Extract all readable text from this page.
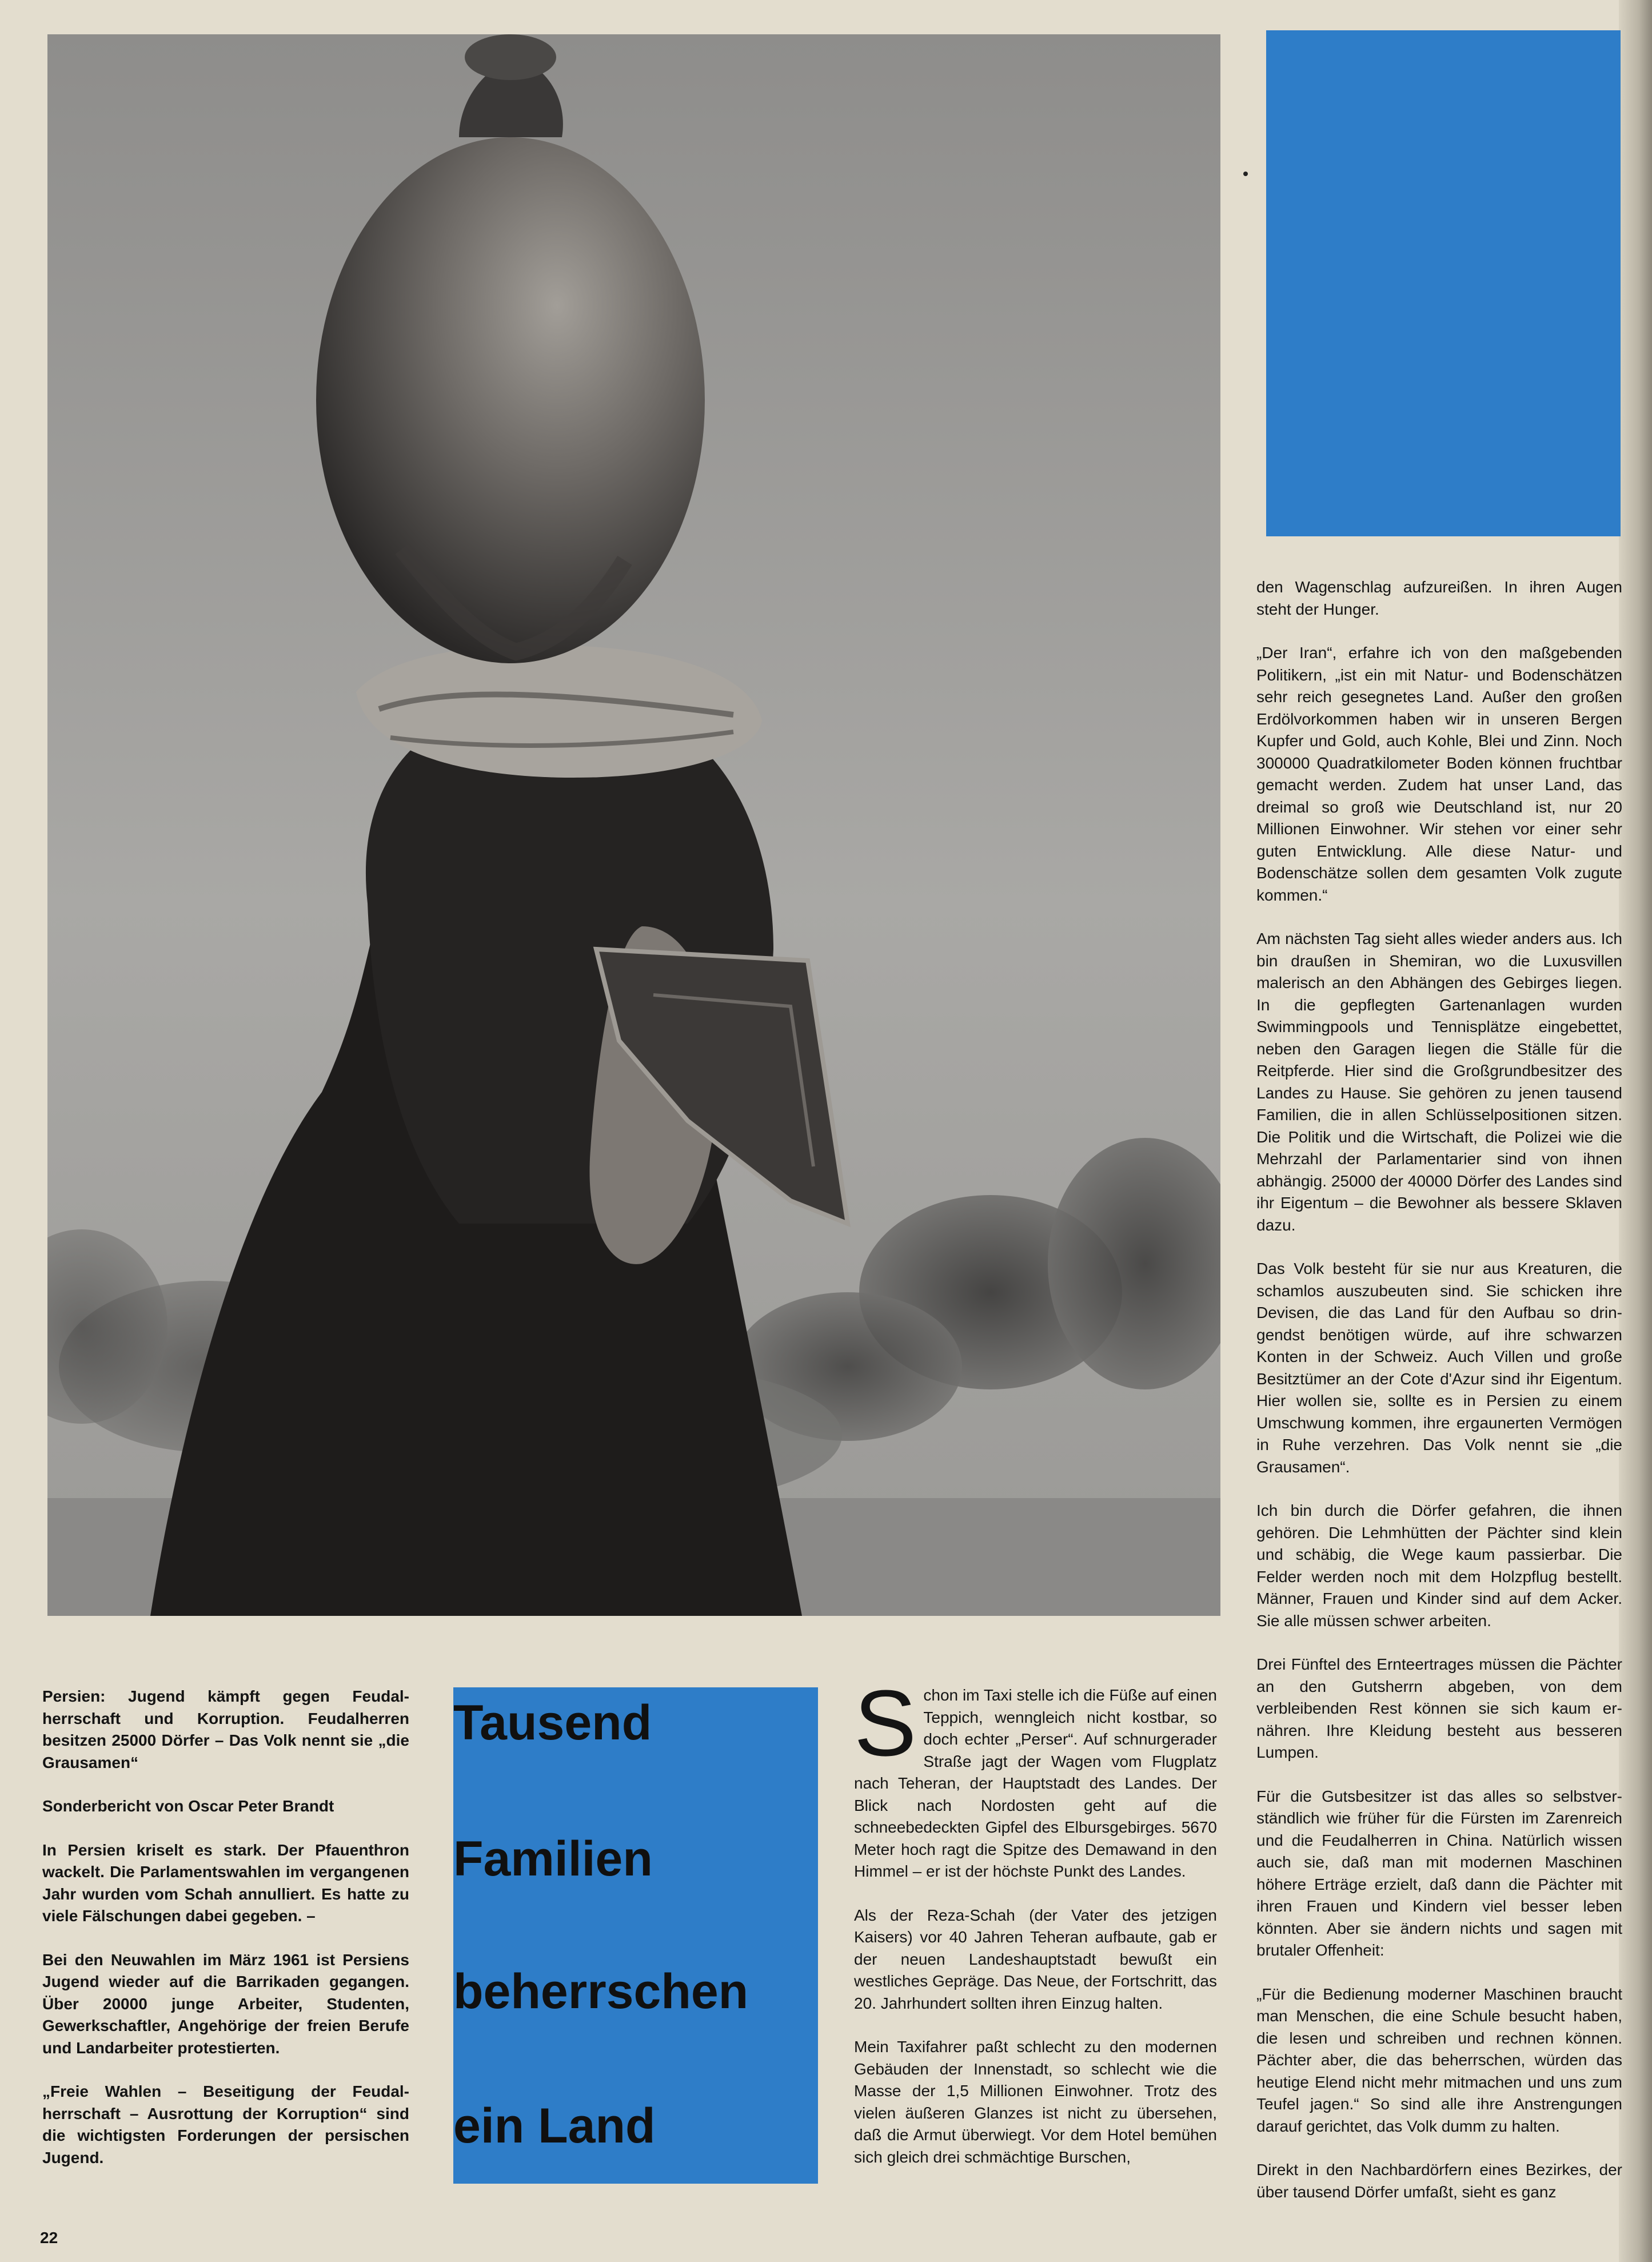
den Wagenschlag aufzureißen. In ihren Augen steht der Hunger.

„Der Iran“, erfahre ich von den maßgebenden Politikern, „ist ein mit Natur- und Bodenschätzen sehr reich gesegnetes Land. Außer den großen Erdölvorkommen haben wir in unseren Bergen Kupfer und Gold, auch Kohle, Blei und Zinn. Noch 300000 Quadratkilometer Boden können fruchtbar gemacht werden. Zudem hat unser Land, das dreimal so groß wie Deutschland ist, nur 20 Millionen Einwohner. Wir stehen vor einer sehr guten Entwicklung. Alle diese Natur- und Bodenschätze sollen dem gesamten Volk zugute kommen.“

Am nächsten Tag sieht alles wieder anders aus. Ich bin draußen in Shemiran, wo die Luxusvillen malerisch an den Abhängen des Gebirges liegen. In die gepflegten Gartenanlagen wurden Swimmingpools und Tennisplätze eingebettet, neben den Garagen liegen die Ställe für die Reitpferde. Hier sind die Großgrundbesitzer des Landes zu Hause. Sie gehören zu jenen tausend Familien, die in allen Schlüsselpositionen sitzen. Die Politik und die Wirtschaft, die Polizei wie die Mehrzahl der Parlamentarier sind von ihnen abhängig. 25000 der 40000 Dörfer des Landes sind ihr Eigentum – die Bewohner als bessere Sklaven dazu.

Das Volk besteht für sie nur aus Kreaturen, die schamlos auszubeuten sind. Sie schicken ihre Devisen, die das Land für den Aufbau so dringendst benötigen würde, auf ihre schwarzen Konten in der Schweiz. Auch Villen und große Besitztümer an der Cote d'Azur sind ihr Eigentum. Hier wollen sie, sollte es in Persien zu einem Umschwung kommen, ihre ergaunerten Vermögen in Ruhe verzehren. Das Volk nennt sie „die Grausamen“.

Ich bin durch die Dörfer gefahren, die ihnen gehören. Die Lehmhütten der Pächter sind klein und schäbig, die Wege kaum passierbar. Die Felder werden noch mit dem Holzpflug bestellt. Männer, Frauen und Kinder sind auf dem Acker. Sie alle müssen schwer arbeiten.

Drei Fünftel des Ernteertrages müssen die Pächter an den Gutsherrn abgeben, von dem verbleibenden Rest können sie sich kaum ernähren. Ihre Kleidung besteht aus besseren Lumpen.

Für die Gutsbesitzer ist das alles so selbstverständlich wie früher für die Fürsten im Zarenreich und die Feudalherren in China. Natürlich wissen auch sie, daß man mit modernen Maschinen höhere Erträge erzielt, daß dann die Pächter mit ihren Frauen und Kindern viel besser leben könnten. Aber sie ändern nichts und sagen mit brutaler Offenheit:

„Für die Bedienung moderner Maschinen braucht man Menschen, die eine Schule besucht haben, die lesen und schreiben und rechnen können. Pächter aber, die das beherrschen, würden das heutige Elend nicht mehr mitmachen und uns zum Teufel jagen.“ So sind alle ihre Anstrengungen darauf gerichtet, das Volk dumm zu halten.

Direkt in den Nachbardörfern eines Bezirkes, der über tausend Dörfer umfaßt, sieht es ganz

Persien: Jugend kämpft gegen Feudalherrschaft und Korruption. Feudalherren besitzen 25000 Dörfer – Das Volk nennt sie „die Grausamen“

Sonderbericht von Oscar Peter Brandt

In Persien kriselt es stark. Der Pfauenthron wackelt. Die Parlamentswahlen im vergangenen Jahr wurden vom Schah annulliert. Es hatte zu viele Fälschungen dabei gegeben. –

Bei den Neuwahlen im März 1961 ist Persiens Jugend wieder auf die Barrikaden gegangen. Über 20000 junge Arbeiter, Studenten, Gewerkschaftler, Angehörige der freien Berufe und Landarbeiter protestierten.

„Freie Wahlen – Beseitigung der Feudalherrschaft – Ausrottung der Korruption“ sind die wichtigsten Forderungen der persischen Jugend.

Tausend
Familien
beherrschen
ein Land

Schon im Taxi stelle ich die Füße auf einen Teppich, wenngleich nicht kostbar, so doch echter „Perser“. Auf schnurgerader Straße jagt der Wagen vom Flugplatz nach Teheran, der Hauptstadt des Landes. Der Blick nach Nordosten geht auf die schneebedeckten Gipfel des Elbursgebirges. 5670 Meter hoch ragt die Spitze des Demawand in den Himmel – er ist der höchste Punkt des Landes.

Als der Reza-Schah (der Vater des jetzigen Kaisers) vor 40 Jahren Teheran aufbaute, gab er der neuen Landeshauptstadt bewußt ein westliches Gepräge. Das Neue, der Fortschritt, das 20. Jahrhundert sollten ihren Einzug halten.

Mein Taxifahrer paßt schlecht zu den modernen Gebäuden der Innenstadt, so schlecht wie die Masse der 1,5 Millionen Einwohner. Trotz des vielen äußeren Glanzes ist nicht zu übersehen, daß die Armut überwiegt. Vor dem Hotel bemühen sich gleich drei schmächtige Burschen,

22
